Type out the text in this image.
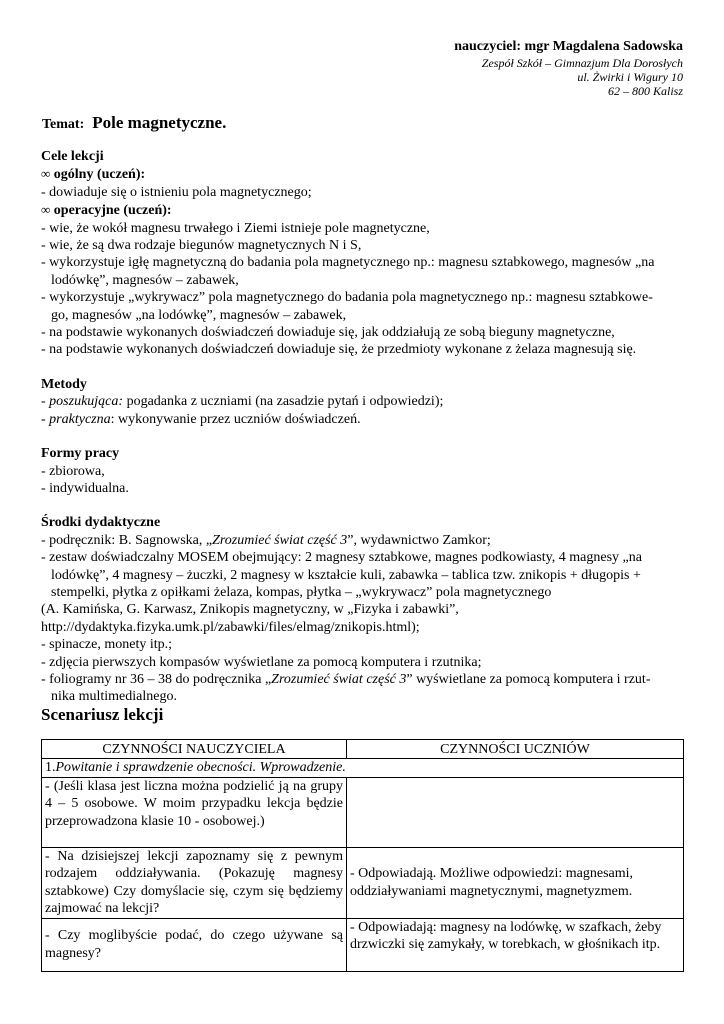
nauczyciel: mgr Magdalena Sadowska
Zespół Szkół – Gimnazjum Dla Dorosłych
ul. Żwirki i Wigury 10
62 – 800 Kalisz
Temat: Pole magnetyczne.
Cele lekcji
∞ ogólny (uczeń):
- dowiaduje się o istnieniu pola magnetycznego;
∞ operacyjne (uczeń):
- wie, że wokół magnesu trwałego i Ziemi istnieje pole magnetyczne,
- wie, że są dwa rodzaje biegunów magnetycznych N i S,
- wykorzystuje igłę magnetyczną do badania pola magnetycznego np.: magnesu sztabkowego, magnesów „na
lodówkę”, magnesów – zabawek,
- wykorzystuje „wykrywacz” pola magnetycznego do badania pola magnetycznego np.: magnesu sztabkowe-
go, magnesów „na lodówkę”, magnesów – zabawek,
- na podstawie wykonanych doświadczeń dowiaduje się, jak oddziałują ze sobą bieguny magnetyczne,
- na podstawie wykonanych doświadczeń dowiaduje się, że przedmioty wykonane z żelaza magnesują się.
Metody
- poszukująca: pogadanka z uczniami (na zasadzie pytań i odpowiedzi);
- praktyczna: wykonywanie przez uczniów doświadczeń.
Formy pracy
- zbiorowa,
- indywidualna.
Środki dydaktyczne
- podręcznik: B. Sagnowska, „Zrozumieć świat część 3”, wydawnictwo Zamkor;
- zestaw doświadczalny MOSEM obejmujący: 2 magnesy sztabkowe, magnes podkowiasty, 4 magnesy „na
lodówkę”, 4 magnesy – żuczki, 2 magnesy w kształcie kuli, zabawka – tablica tzw. znikopis + długopis +
stempelki, płytka z opiłkami żelaza, kompas, płytka – „wykrywacz” pola magnetycznego
(A. Kamińska, G. Karwasz, Znikopis magnetyczny, w „Fizyka i zabawki”,
http://dydaktyka.fizyka.umk.pl/zabawki/files/elmag/znikopis.html);
- spinacze, monety itp.;
- zdjęcia pierwszych kompasów wyświetlane za pomocą komputera i rzutnika;
- foliogramy nr 36 – 38 do podręcznika „Zrozumieć świat część 3” wyświetlane za pomocą komputera i rzut-
nika multimedialnego.
Scenariusz lekcji
CZYNNOŚCI NAUCZYCIELA	CZYNNOŚCI UCZNIÓW
1.Powitanie i sprawdzenie obecności. Wprowadzenie.	
- (Jeśli klasa jest liczna można podzielić ją na grupy 4 – 5 osobowe. W moim przypadku lekcja będzie przeprowadzona klasie 10 - osobowej.)	
- Na dzisiejszej lekcji zapoznamy się z pewnym rodzajem oddziaływania. (Pokazuję magnesy sztabkowe) Czy domyślacie się, czym się będziemy zajmować na lekcji?	- Odpowiadają. Możliwe odpowiedzi: magnesami, oddziaływaniami magnetycznymi, magnetyzmem.
- Czy moglibyście podać, do czego używane są magnesy?	- Odpowiadają: magnesy na lodówkę, w szafkach, żeby drzwiczki się zamykały, w torebkach, w głośnikach itp.
